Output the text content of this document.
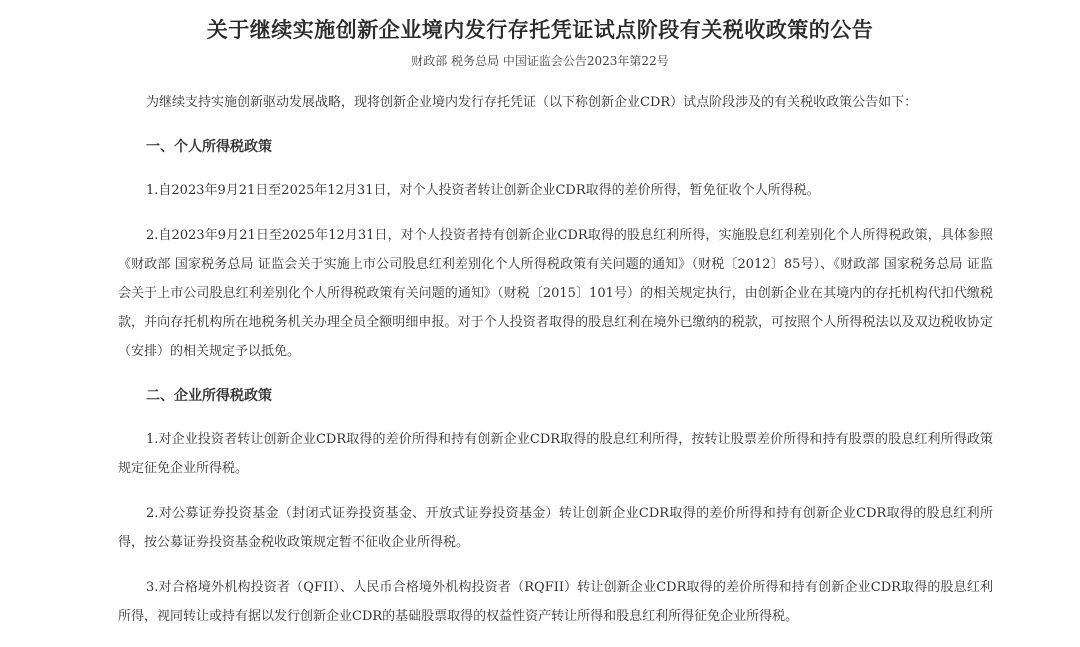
关于继续实施创新企业境内发行存托凭证试点阶段有关税收政策的公告
财政部 税务总局 中国证监会公告2023年第22号

为继续支持实施创新驱动发展战略，现将创新企业境内发行存托凭证（以下称创新企业CDR）试点阶段涉及的有关税收政策公告如下：

一、个人所得税政策

1.自2023年9月21日至2025年12月31日，对个人投资者转让创新企业CDR取得的差价所得，暂免征收个人所得税。

2.自2023年9月21日至2025年12月31日，对个人投资者持有创新企业CDR取得的股息红利所得，实施股息红利差别化个人所得税政策，具体参照《财政部 国家税务总局 证监会关于实施上市公司股息红利差别化个人所得税政策有关问题的通知》（财税〔2012〕85号）、《财政部 国家税务总局 证监会关于上市公司股息红利差别化个人所得税政策有关问题的通知》（财税〔2015〕101号）的相关规定执行，由创新企业在其境内的存托机构代扣代缴税款，并向存托机构所在地税务机关办理全员全额明细申报。对于个人投资者取得的股息红利在境外已缴纳的税款，可按照个人所得税法以及双边税收协定（安排）的相关规定予以抵免。

二、企业所得税政策

1.对企业投资者转让创新企业CDR取得的差价所得和持有创新企业CDR取得的股息红利所得，按转让股票差价所得和持有股票的股息红利所得政策规定征免企业所得税。

2.对公募证券投资基金（封闭式证券投资基金、开放式证券投资基金）转让创新企业CDR取得的差价所得和持有创新企业CDR取得的股息红利所得，按公募证券投资基金税收政策规定暂不征收企业所得税。

3.对合格境外机构投资者（QFII）、人民币合格境外机构投资者（RQFII）转让创新企业CDR取得的差价所得和持有创新企业CDR取得的股息红利所得，视同转让或持有据以发行创新企业CDR的基础股票取得的权益性资产转让所得和股息红利所得征免企业所得税。
